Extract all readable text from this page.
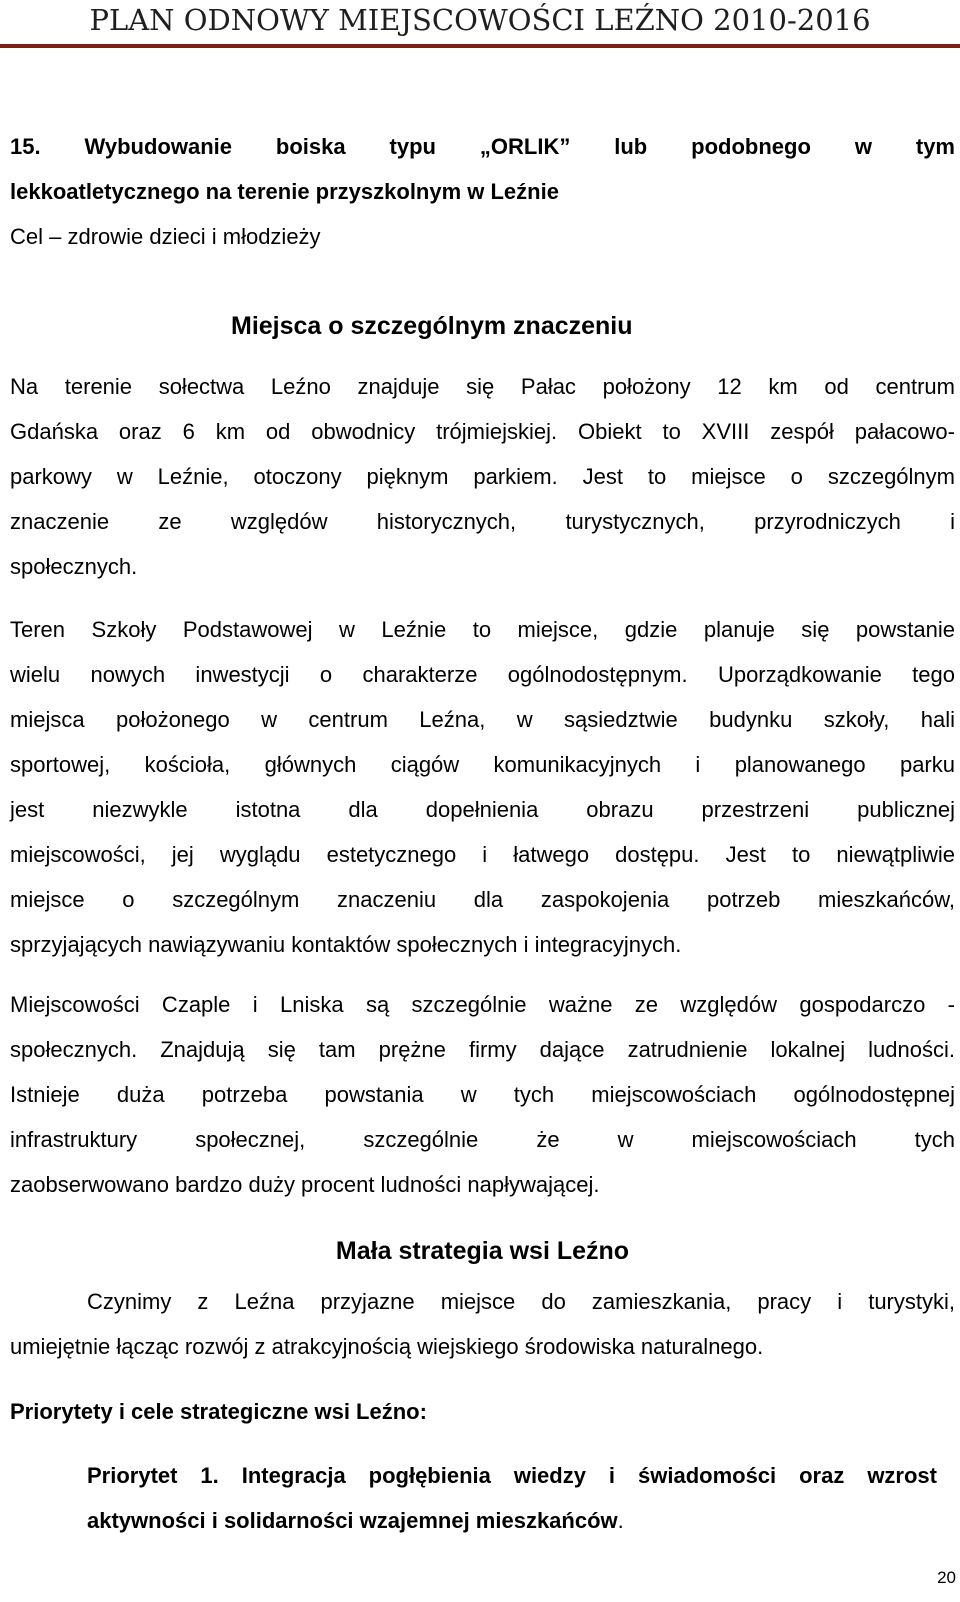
PLAN ODNOWY MIEJSCOWOŚCI LEŹNO 2010-2016
15. Wybudowanie boiska typu „ORLIK” lub podobnego w tym
lekkoatletycznego na terenie przyszkolnym w Leźnie
Cel – zdrowie dzieci i młodzieży
Miejsca o szczególnym znaczeniu
Na terenie sołectwa Leźno znajduje się Pałac położony 12 km od centrum
Gdańska oraz 6 km od obwodnicy trójmiejskiej. Obiekt to XVIII zespół pałacowo-
parkowy w Leźnie, otoczony pięknym parkiem. Jest to miejsce o szczególnym
znaczenie ze względów historycznych, turystycznych, przyrodniczych i
społecznych.
Teren Szkoły Podstawowej w Leźnie to miejsce, gdzie planuje się powstanie
wielu nowych inwestycji o charakterze ogólnodostępnym. Uporządkowanie tego
miejsca położonego w centrum Leźna, w sąsiedztwie budynku szkoły, hali
sportowej, kościoła, głównych ciągów komunikacyjnych i planowanego parku
jest niezwykle istotna dla dopełnienia obrazu przestrzeni publicznej
miejscowości, jej wyglądu estetycznego i łatwego dostępu. Jest to niewątpliwie
miejsce o szczególnym znaczeniu dla zaspokojenia potrzeb mieszkańców,
sprzyjających nawiązywaniu kontaktów społecznych i integracyjnych.
Miejscowości Czaple i Lniska są szczególnie ważne ze względów gospodarczo -
społecznych. Znajdują się tam prężne firmy dające zatrudnienie lokalnej ludności.
Istnieje duża potrzeba powstania w tych miejscowościach ogólnodostępnej
infrastruktury społecznej, szczególnie że w miejscowościach tych
zaobserwowano bardzo duży procent ludności napływającej.
Mała strategia wsi Leźno
Czynimy z Leźna przyjazne miejsce do zamieszkania, pracy i turystyki,
umiejętnie łącząc rozwój z atrakcyjnością wiejskiego środowiska naturalnego.
Priorytety i cele strategiczne wsi Leźno:
Priorytet 1. Integracja pogłębienia wiedzy i świadomości oraz wzrost
aktywności i solidarności wzajemnej mieszkańców.
20
